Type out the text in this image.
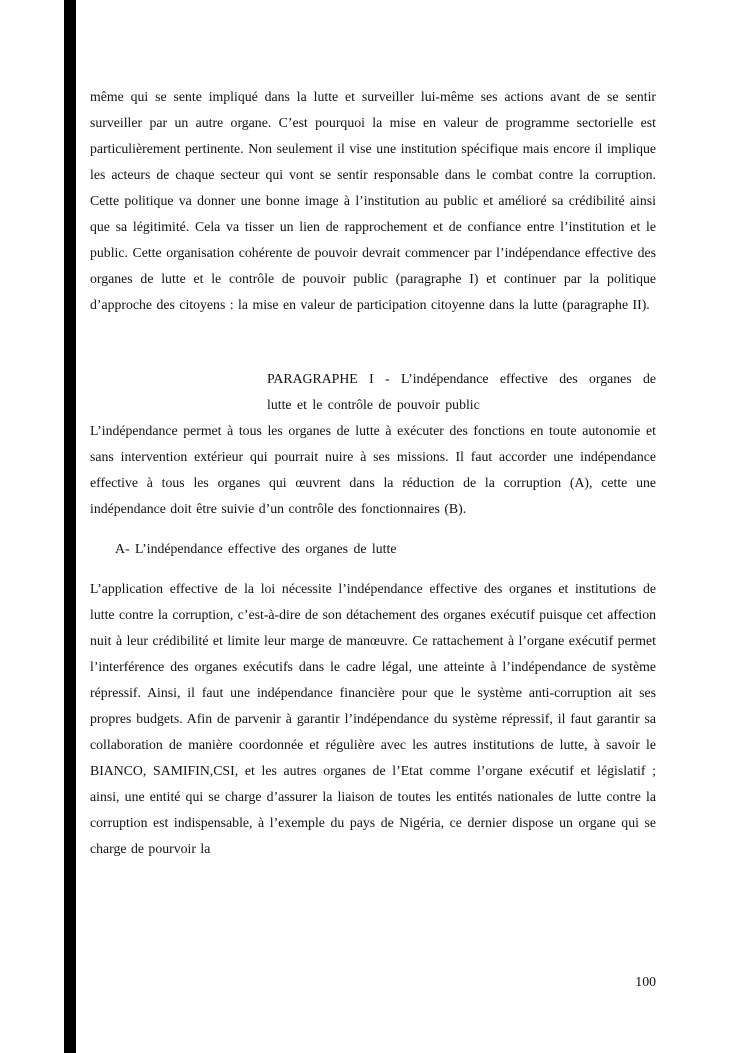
même qui se sente impliqué dans la lutte et surveiller lui-même ses actions avant de se sentir surveiller par un autre organe. C’est pourquoi la mise en valeur de programme sectorielle est particulièrement pertinente. Non seulement il vise une institution spécifique mais encore il implique les acteurs de chaque secteur qui vont se sentir responsable dans le combat contre la corruption. Cette politique va donner une bonne image à l’institution au public et amélioré sa crédibilité ainsi que sa légitimité. Cela va tisser un lien de rapprochement et de confiance entre l’institution et le public. Cette organisation cohérente de pouvoir devrait commencer par l’indépendance effective des organes de lutte et le contrôle de pouvoir public (paragraphe I) et continuer par la politique d’approche des citoyens : la mise en valeur de participation citoyenne dans la lutte (paragraphe II).

PARAGRAPHE I - L’indépendance effective des organes de
lutte et le contrôle de pouvoir public

L’indépendance permet à tous les organes de lutte à exécuter des fonctions en toute autonomie et sans intervention extérieur qui pourrait nuire à ses missions. Il faut accorder une indépendance effective à tous les organes qui œuvrent dans la réduction de la corruption (A), cette une indépendance doit être suivie d’un contrôle des fonctionnaires (B).

A- L’indépendance effective des organes de lutte

L’application effective de la loi nécessite l’indépendance effective des organes et institutions de lutte contre la corruption, c’est-à-dire de son détachement des organes exécutif puisque cet affection nuit à leur crédibilité et limite leur marge de manœuvre. Ce rattachement à l’organe exécutif permet l’interférence des organes exécutifs dans le cadre légal, une atteinte à l’indépendance de système répressif. Ainsi, il faut une indépendance financière pour que le système anti-corruption ait ses propres budgets. Afin de parvenir à garantir l’indépendance du système répressif, il faut garantir sa collaboration de manière coordonnée et régulière avec les autres institutions de lutte, à savoir le BIANCO, SAMIFIN,CSI, et les autres organes de l’Etat comme l’organe exécutif et législatif ; ainsi, une entité qui se charge d’assurer la liaison de toutes les entités nationales de lutte contre la corruption est indispensable, à l’exemple du pays de Nigéria, ce dernier dispose un organe qui se charge de pourvoir la

100
